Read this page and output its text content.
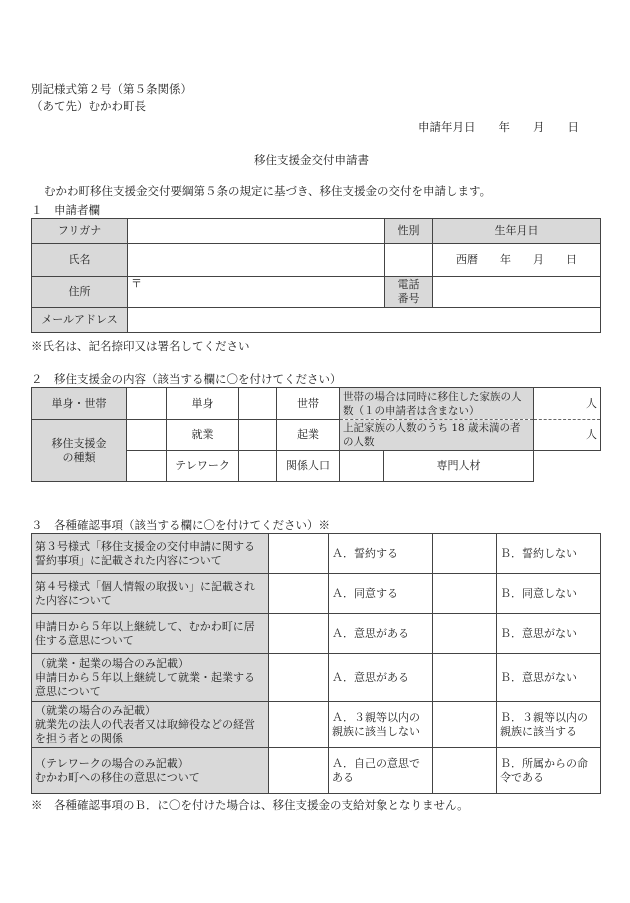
別記様式第２号（第５条関係）
（あて先）むかわ町長
申請年月日　　年　　月　　日
移住支援金交付申請書
むかわ町移住支援金交付要綱第５条の規定に基づき、移住支援金の交付を申請します。
１　申請者欄
フリガナ		性別	生年月日
氏名			西暦　　年　　月　　日
住所	〒	電話
番号	
メールアドレス			
※氏名は、記名捺印又は署名してください
２　移住支援金の内容（該当する欄に〇を付けてください）
単身・世帯		単身		世帯	世帯の場合は同時に移住した家族の人数（１の申請者は含まない）		人
移住支援金
の種類		就業		起業	上記家族の人数のうち 18 歳未満の者の人数		人
		テレワーク		関係人口		専門人材	
３　各種確認事項（該当する欄に〇を付けてください）※
第３号様式「移住支援金の交付申請に関する誓約事項」に記載された内容について		Ａ．誓約する		Ｂ．誓約しない
第４号様式「個人情報の取扱い」に記載された内容について		Ａ．同意する		Ｂ．同意しない
申請日から５年以上継続して、むかわ町に居住する意思について		Ａ．意思がある		Ｂ．意思がない
（就業・起業の場合のみ記載）
申請日から５年以上継続して就業・起業する意思について		Ａ．意思がある		Ｂ．意思がない
（就業の場合のみ記載）
就業先の法人の代表者又は取締役などの経営を担う者との関係		Ａ．３親等以内の親族に該当しない		Ｂ．３親等以内の親族に該当する
（テレワークの場合のみ記載）
むかわ町への移住の意思について		Ａ．自己の意思である		Ｂ．所属からの命令である
※　各種確認事項のＢ．に〇を付けた場合は、移住支援金の支給対象となりません。
